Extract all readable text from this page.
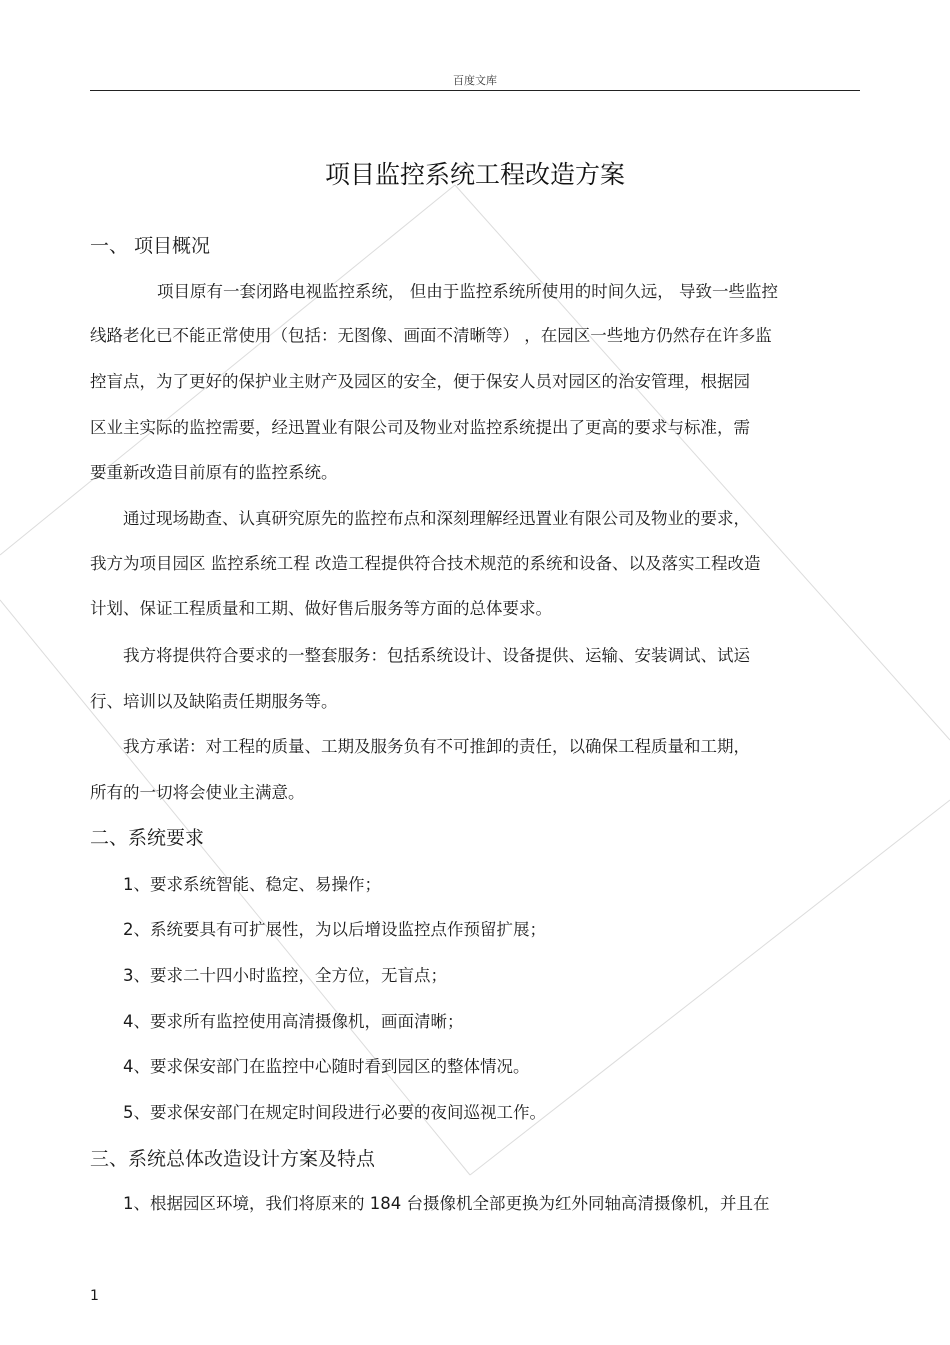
百度文库
项目监控系统工程改造方案
一、 项目概况
项目原有一套闭路电视监控系统， 但由于监控系统所使用的时间久远， 导致一些监控
线路老化已不能正常使用（包括：无图像、画面不清晰等） ，在园区一些地方仍然存在许多监
控盲点，为了更好的保护业主财产及园区的安全，便于保安人员对园区的治安管理，根据园
区业主实际的监控需要，经迅置业有限公司及物业对监控系统提出了更高的要求与标准，需
要重新改造目前原有的监控系统。
通过现场勘查、认真研究原先的监控布点和深刻理解经迅置业有限公司及物业的要求，
我方为项目园区 监控系统工程 改造工程提供符合技术规范的系统和设备、以及落实工程改造
计划、保证工程质量和工期、做好售后服务等方面的总体要求。
我方将提供符合要求的一整套服务：包括系统设计、设备提供、运输、安装调试、试运
行、培训以及缺陷责任期服务等。
我方承诺：对工程的质量、工期及服务负有不可推卸的责任，以确保工程质量和工期，
所有的一切将会使业主满意。
二、系统要求
1、要求系统智能、稳定、易操作；
2、系统要具有可扩展性，为以后增设监控点作预留扩展；
3、要求二十四小时监控，全方位，无盲点；
4、要求所有监控使用高清摄像机，画面清晰；
4、要求保安部门在监控中心随时看到园区的整体情况。
5、要求保安部门在规定时间段进行必要的夜间巡视工作。
三、系统总体改造设计方案及特点
1、根据园区环境，我们将原来的 184 台摄像机全部更换为红外同轴高清摄像机，并且在
1
